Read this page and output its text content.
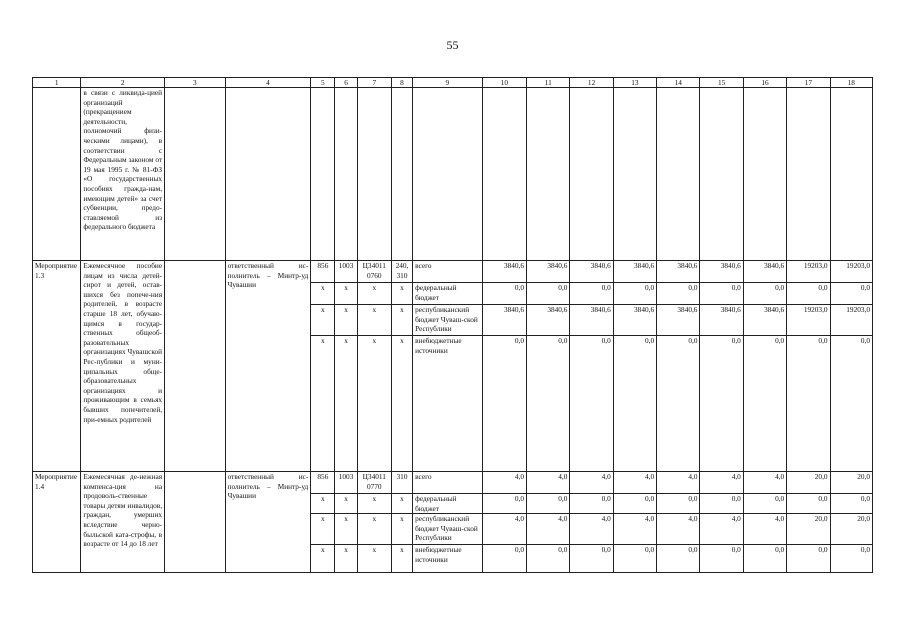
55
1	2	3	4	5	6	7	8	9	10	11	12	13	14	15	16	17	18
	в связи с ликвида-цией организаций (прекращением деятельности, полномочий физи-ческими лицами), в соответствии с Федеральным законом от 19 мая 1995 г. № 81-ФЗ «О государственных пособиях гражда-нам, имеющим детей» за счет субвенции, предо-ставляемой из федерального бюджета																
Мероприятие 1.3	Ежемесячное пособие лицам из числа детей-сирот и детей, остав-шихся без попече-ния родителей, в возрасте старше 18 лет, обучаю-щимся в государ-ственных общеоб-разовательных организациях Чувашской Рес-публики и муни-ципальных обще-образовательных организациях и проживающим в семьях бывших попечителей, при-емных родителей		ответственный ис-полнитель – Минтр-уд Чувашии	856	1003	Ц34011 0760	240, 310	всего	3840,6	3840,6	3840,6	3840,6	3840,6	3840,6	3840,6	19203,0	19203,0
				x	x	x	x	федеральный бюджет	0,0	0,0	0,0	0,0	0,0	0,0	0,0	0,0	0,0
				x	x	x	x	республиканский бюджет Чуваш-ской Республики	3840,6	3840,6	3840,6	3840,6	3840,6	3840,6	3840,6	19203,0	19203,0
				x	x	x	x	внебюджетные источники	0,0	0,0	0,0	0,0	0,0	0,0	0,0	0,0	0,0
Мероприятие 1.4	Ежемесячная де-нежная компенса-ция на продоволь-ственные товары детям инвалидов, граждан, умерших вследствие черно-быльской ката-строфы, в возрасте от 14 до 18 лет		ответственный ис-полнитель – Минтр-уд Чувашии	856	1003	Ц34011 0770	310	всего	4,0	4,0	4,0	4,0	4,0	4,0	4,0	20,0	20,0
				x	x	x	x	федеральный бюджет	0,0	0,0	0,0	0,0	0,0	0,0	0,0	0,0	0,0
				x	x	x	x	республиканский бюджет Чуваш-ской Республики	4,0	4,0	4,0	4,0	4,0	4,0	4,0	20,0	20,0
				x	x	x	x	внебюджетные источники	0,0	0,0	0,0	0,0	0,0	0,0	0,0	0,0	0,0
